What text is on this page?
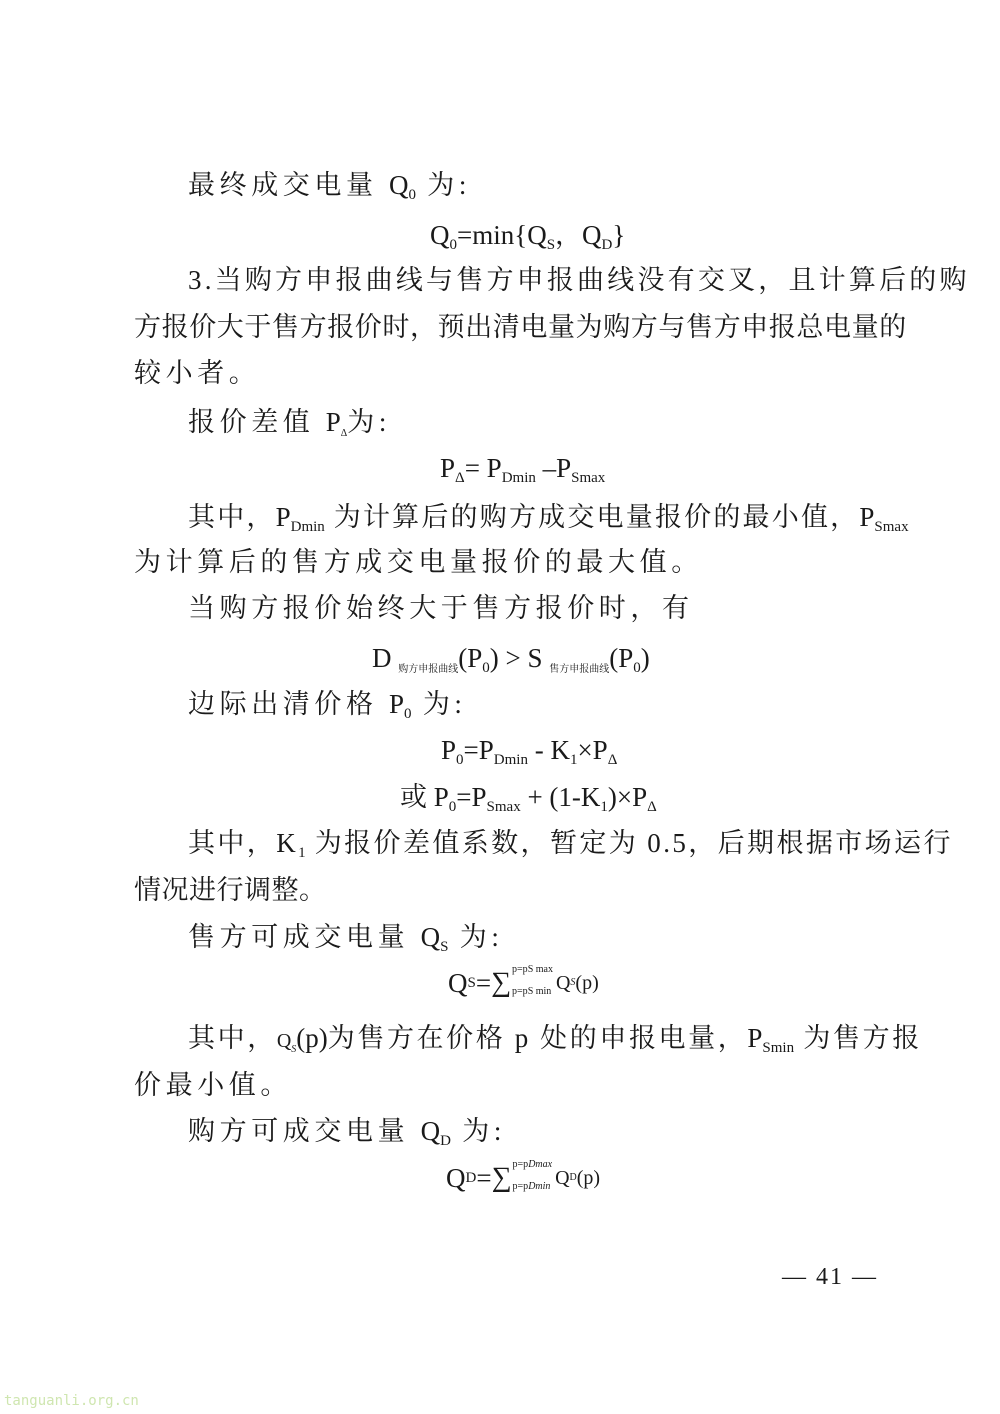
最终成交电量 $Q_0$ 为:
$Q_0=\min\{Q_S$，$Q_D$}
3.当购方申报曲线与售方申报曲线没有交叉，且计算后的购
方报价大于售方报价时，预出清电量为购方与售方申报总电量的
较小者。
报价差值 PΔ为:
$P_\Delta= P_{Dmin}$ $-P_{Smax}$
其中，$P_{Dmin}$ 为计算后的购方成交电量报价的最小值，$P_{Smax}$
为计算后的售方成交电量报价的最大值。
当购方报价始终大于售方报价时，有
D 购方申报曲线$(P_0) > S$ 售方申报曲线$(P_0)$
边际出清价格 $P_0$ 为:
$P_0=P_{Dmin} - K_1\times P_\Delta$
或 $P_0=P_{Smax} + (1-K_1)\times P_\Delta$
其中，$K_1$ 为报价差值系数，暂定为 0.5，后期根据市场运行
情况进行调整。
售方可成交电量 $Q_S$ 为:
Q S = ∑ p=pS max
p=pS min Q S (p)
其中，QS(p)为售方在价格 p 处的申报电量，$P_{Smin}$ 为售方报
价最小值。
购方可成交电量 $Q_D$ 为:
Q D = ∑ p=pDmax
p=pDmin Q D (p)
— 41 —
tanguanli.org.cn
